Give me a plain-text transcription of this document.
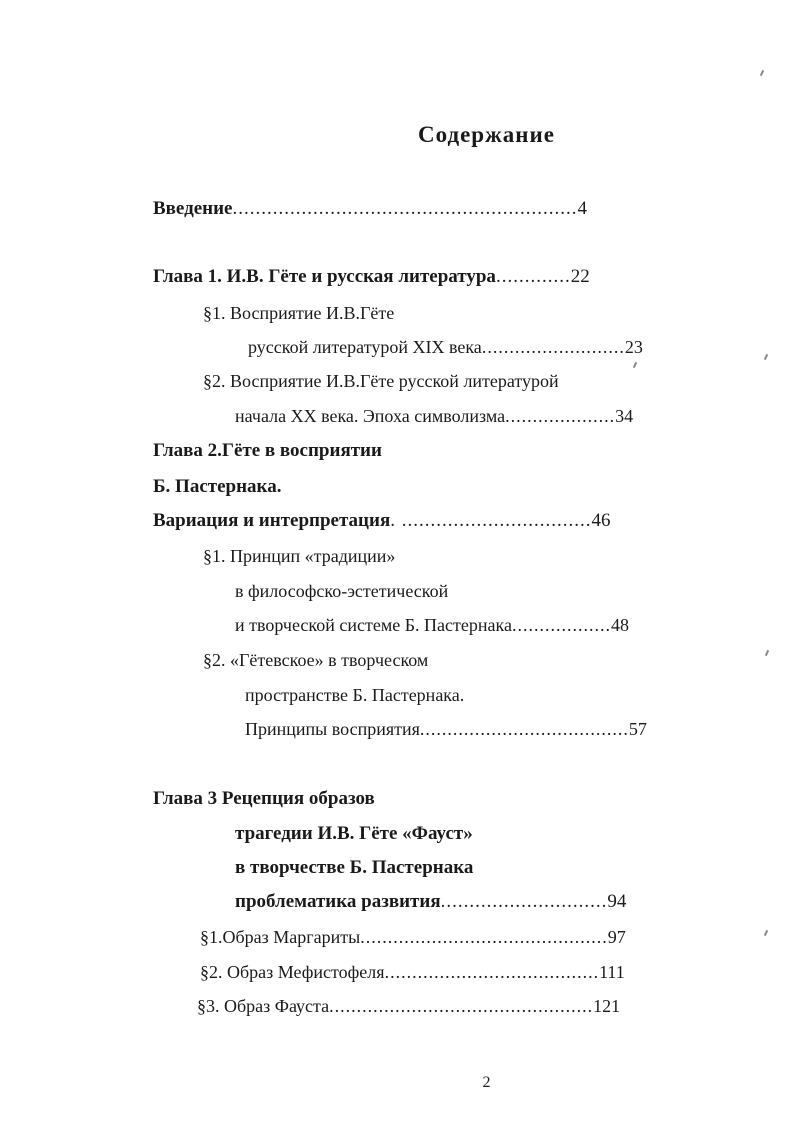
Содержание
Введение............................................................4
Глава 1. И.В. Гёте и русская литература.............22
§1. Восприятие И.В.Гёте
русской литературой XIX века..........................23
§2. Восприятие И.В.Гёте русской литературой
начала XX века. Эпоха символизма....................34
Глава 2.Гёте в восприятии
Б. Пастернака.
Вариация и интерпретация. .................................46
§1. Принцип «традиции»
в философско-эстетической
и творческой системе Б. Пастернака..................48
§2. «Гётевское» в творческом
пространстве Б. Пастернака.
Принципы восприятия......................................57
Глава 3 Рецепция образов
трагедии И.В. Гёте «Фауст»
в творчестве Б. Пастернака
проблематика развития.............................94
§1.Образ Маргариты.............................................97
§2. Образ Мефистофеля.......................................111
§3. Образ Фауста................................................121
2
